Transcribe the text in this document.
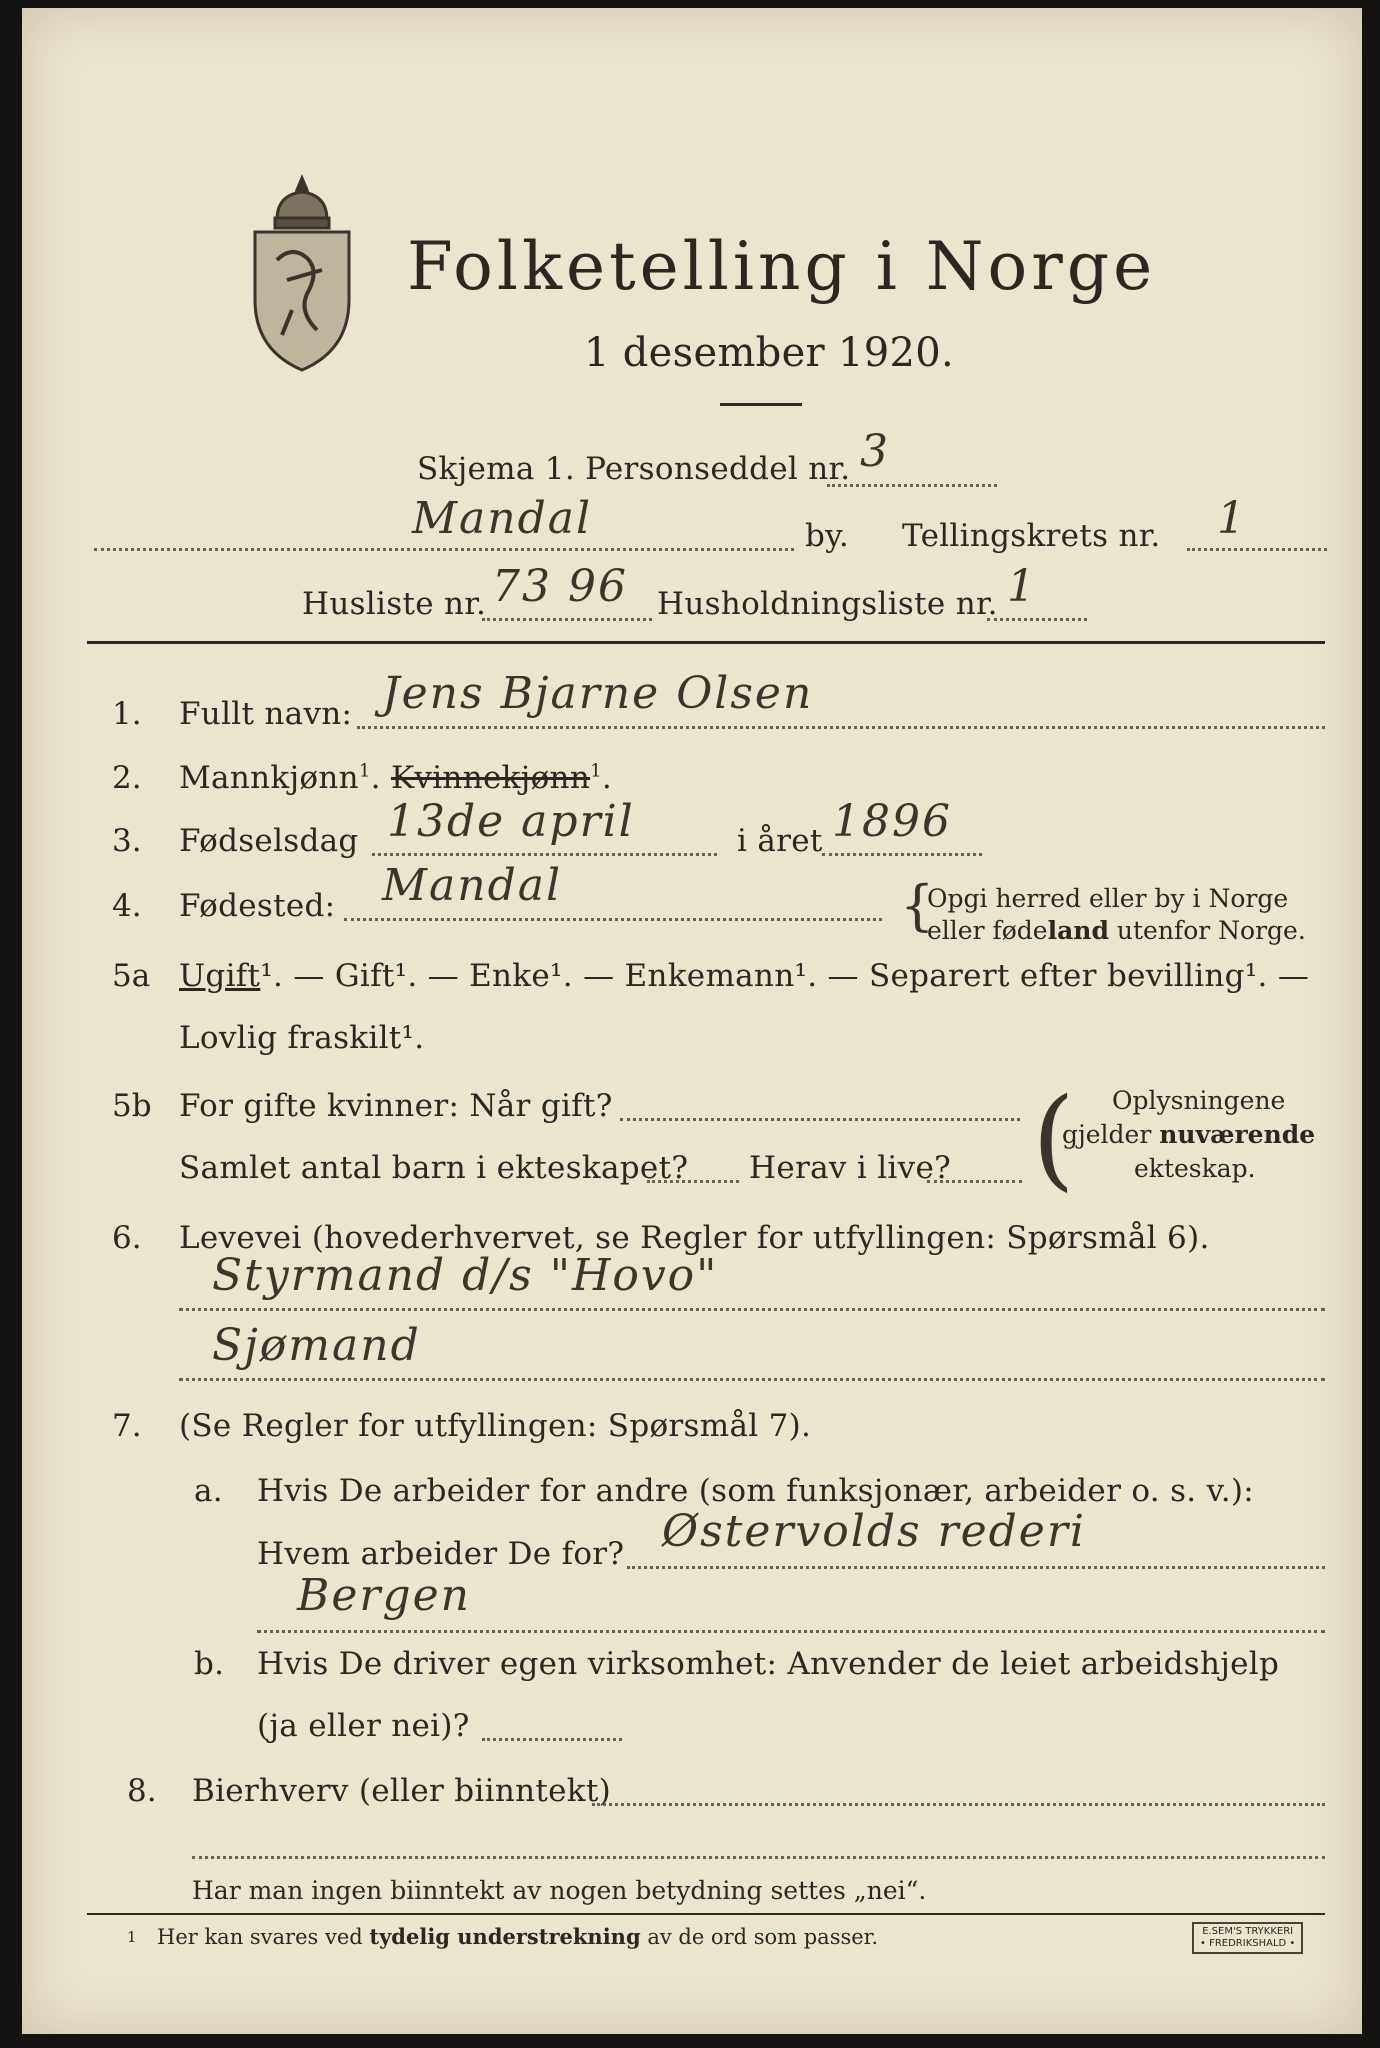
Folketelling i Norge
1 desember 1920.
Skjema 1. Personseddel nr. 3
Mandal	by. Tellingskrets nr. 1
Husliste nr. 73 96 Husholdningsliste nr. 1
1. Fullt navn: Jens Bjarne Olsen
2. Mannkjønn$^1$. Kvinnekjønn$^1$.
3. Fødselsdag 13de april	i året 1896
4. Fødested: Mandal	{
Opgi herred eller by i Norge
eller fødeland utenfor Norge.
5a Ugift¹. — Gift¹. — Enke¹. — Enkemann¹. — Separert efter bevilling¹. —
Lovlig fraskilt¹.
5b For gifte kvinner: Når gift?
Samlet antal barn i ekteskapet? Herav i live? ( Oplysningene
gjelder nuværende
ekteskap.
6. Levevei (hovederhvervet, se Regler for utfyllingen: Spørsmål 6).
Styrmand d/s "Hovo"
Sjømand
7. (Se Regler for utfyllingen: Spørsmål 7).
a. Hvis De arbeider for andre (som funksjonær, arbeider o. s. v.):
Hvem arbeider De for? Østervolds rederi
Bergen
b. Hvis De driver egen virksomhet: Anvender de leiet arbeidshjelp
(ja eller nei)?
8. Bierhverv (eller biinntekt)
Har man ingen biinntekt av nogen betydning settes „nei“.
1 Her kan svares ved tydelig understrekning av de ord som passer.	E.SEM'S TRYKKERI
• FREDRIKSHALD •
